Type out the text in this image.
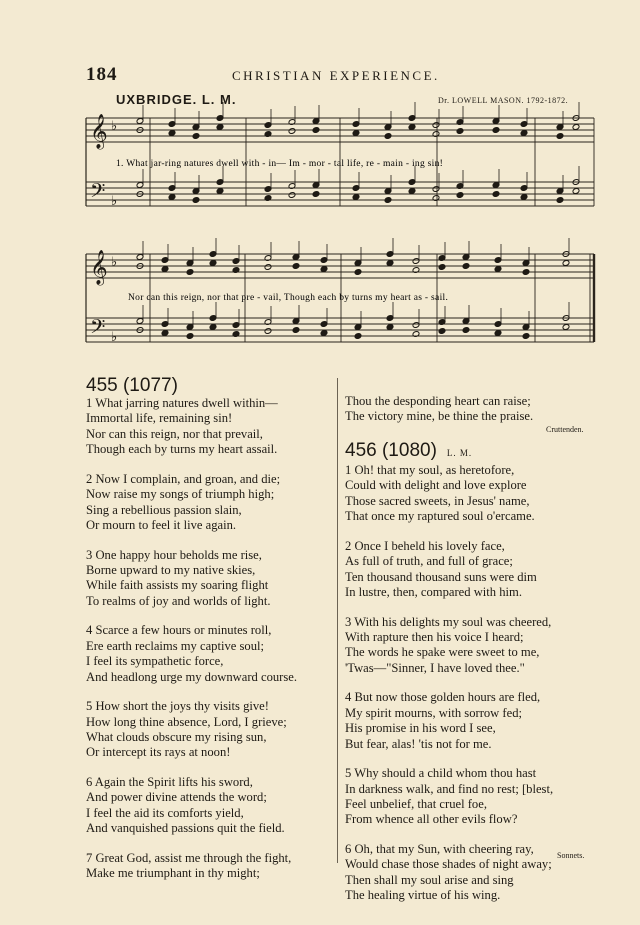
184	CHRISTIAN EXPERIENCE.
UXBRIDGE. L. M.	Dr. LOWELL MASON. 1792-1872.
𝄞
𝄢
𝄞
𝄢
♭
♭
♭
♭
1. What jar-ring natures dwell with - in— Im - mor - tal life, re - main - ing sin!
Nor can this reign, nor that pre - vail, Though each by turns my heart as - sail.
455 (1077)
1 What jarring natures dwell within—
Immortal life, remaining sin!
Nor can this reign, nor that prevail,
Though each by turns my heart assail.
2 Now I complain, and groan, and die;
Now raise my songs of triumph high;
Sing a rebellious passion slain,
Or mourn to feel it live again.
3 One happy hour beholds me rise,
Borne upward to my native skies,
While faith assists my soaring flight
To realms of joy and worlds of light.
4 Scarce a few hours or minutes roll,
Ere earth reclaims my captive soul;
I feel its sympathetic force,
And headlong urge my downward course.
5 How short the joys thy visits give!
How long thine absence, Lord, I grieve;
What clouds obscure my rising sun,
Or intercept its rays at noon!
6 Again the Spirit lifts his sword,
And power divine attends the word;
I feel the aid its comforts yield,
And vanquished passions quit the field.
7 Great God, assist me through the fight,
Make me triumphant in thy might;
Thou the desponding heart can raise;
The victory mine, be thine the praise.
Cruttenden.
456 (1080) L. M.
1 Oh! that my soul, as heretofore,
Could with delight and love explore
Those sacred sweets, in Jesus' name,
That once my raptured soul o'ercame.
2 Once I beheld his lovely face,
As full of truth, and full of grace;
Ten thousand thousand suns were dim
In lustre, then, compared with him.
3 With his delights my soul was cheered,
With rapture then his voice I heard;
The words he spake were sweet to me,
'Twas—"Sinner, I have loved thee."
4 But now those golden hours are fled,
My spirit mourns, with sorrow fed;
His promise in his word I see,
But fear, alas! 'tis not for me.
5 Why should a child whom thou hast
In darkness walk, and find no rest; [blest,
Feel unbelief, that cruel foe,
From whence all other evils flow?
6 Oh, that my Sun, with cheering ray,
Would chase those shades of night away;
Then shall my soul arise and sing
The healing virtue of his wing.
Sonnets.
